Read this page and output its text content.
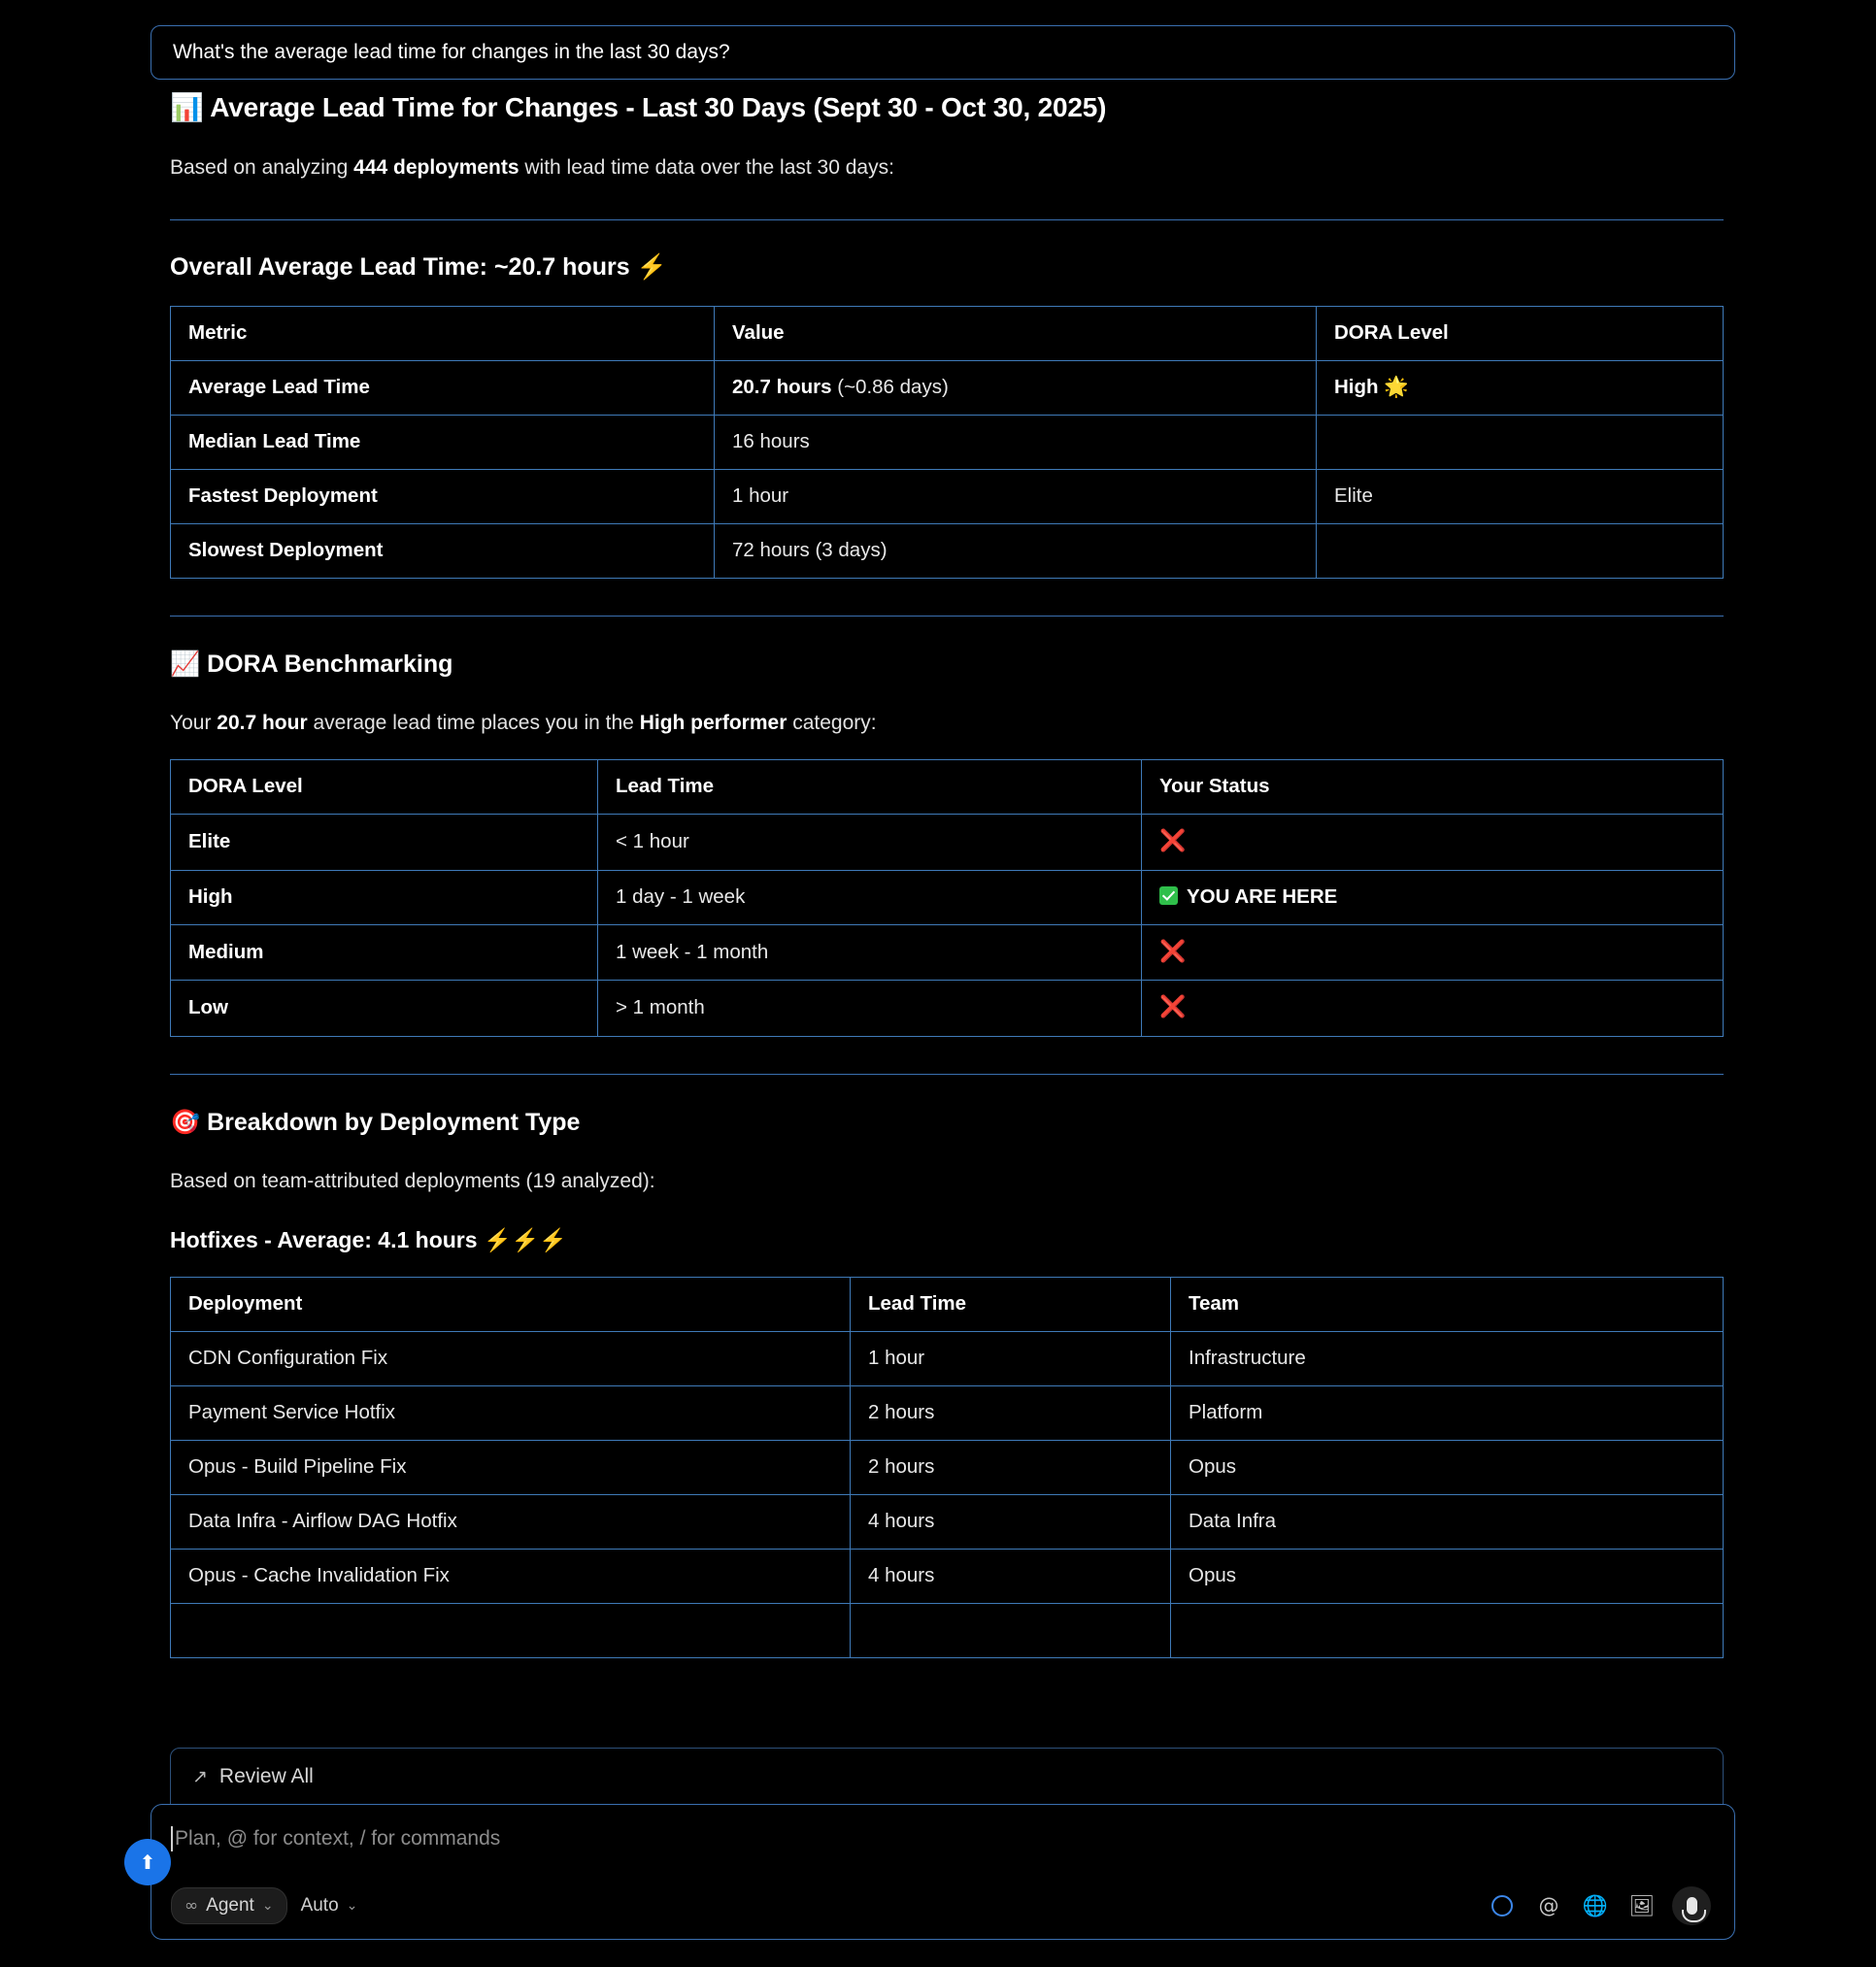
What's the average lead time for changes in the last 30 days?
📊 Average Lead Time for Changes - Last 30 Days (Sept 30 - Oct 30, 2025)

Based on analyzing 444 deployments with lead time data over the last 30 days:

Overall Average Lead Time: ~20.7 hours ⚡
Metric	Value	DORA Level
Average Lead Time	20.7 hours (~0.86 days)	High 🌟
Median Lead Time	16 hours	
Fastest Deployment	1 hour	Elite
Slowest Deployment	72 hours (3 days)	
📈 DORA Benchmarking

Your 20.7 hour average lead time places you in the High performer category:

DORA Level	Lead Time	Your Status
Elite	< 1 hour	❌
High	1 day - 1 week	YOU ARE HERE
Medium	1 week - 1 month	❌
Low	> 1 month	❌
🎯 Breakdown by Deployment Type

Based on team-attributed deployments (19 analyzed):

Hotfixes - Average: 4.1 hours ⚡⚡⚡
Deployment	Lead Time	Team
CDN Configuration Fix	1 hour	Infrastructure
Payment Service Hotfix	2 hours	Platform
Opus - Build Pipeline Fix	2 hours	Opus
Data Infra - Airflow DAG Hotfix	4 hours	Data Infra
Opus - Cache Invalidation Fix	4 hours	Opus

↗ Review All
Plan, @ for context, / for commands
∞ Agent ⌄ Auto ⌄	@ 🌐 🖼
⬆
